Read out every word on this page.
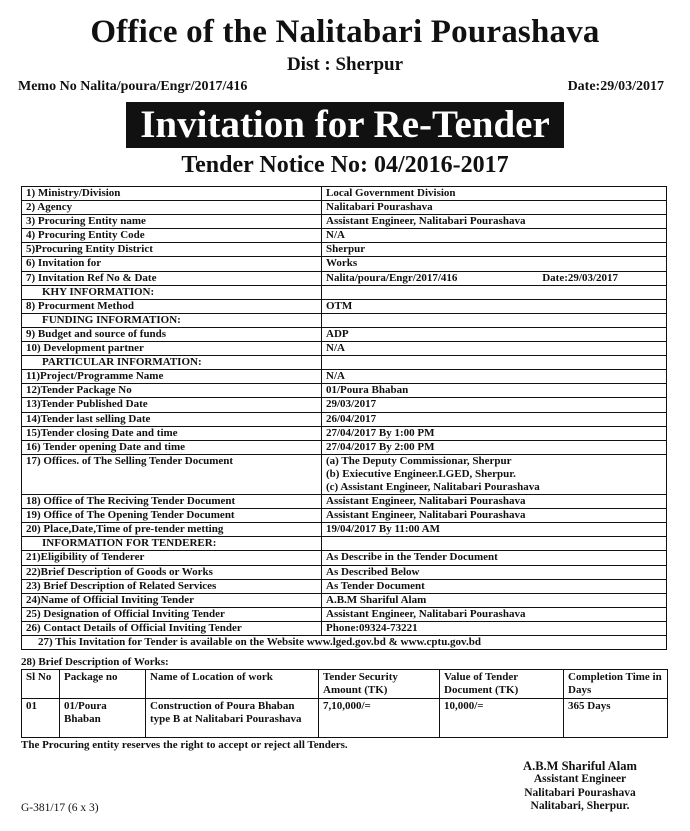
Office of the Nalitabari Pourashava
Dist : Sherpur
Memo No Nalita/poura/Engr/2017/416	Date:29/03/2017
Invitation for Re-Tender
Tender Notice No: 04/2016-2017
1) Ministry/Division	Local Government Division
2) Agency	Nalitabari Pourashava
3) Procuring Entity name	Assistant Engineer, Nalitabari Pourashava
4) Procuring Entity Code	N/A
5)Procuring Entity District	Sherpur
6) Invitation for	Works
7) Invitation Ref No & Date	Nalita/poura/Engr/2017/416 Date:29/03/2017

KHY INFORMATION:	
8) Procurment Method	OTM
FUNDING INFORMATION:	
9) Budget and source of funds	ADP
10) Development partner	N/A
PARTICULAR INFORMATION:	
11)Project/Programme Name	N/A
12)Tender Package No	01/Poura Bhaban
13)Tender Published Date	29/03/2017
14)Tender last selling Date	26/04/2017
15)Tender closing Date and time	27/04/2017 By 1:00 PM
16) Tender opening Date and time	27/04/2017 By 2:00 PM
17) Offices. of The Selling Tender Document	(a) The Deputy Commissionar, Sherpur
(b) Exiecutive Engineer.LGED, Sherpur.
(c) Assistant Engineer, Nalitabari Pourashava

18) Office of The Reciving Tender Document	Assistant Engineer, Nalitabari Pourashava
19) Office of The Opening Tender Document	Assistant Engineer, Nalitabari Pourashava
20) Place,Date,Time of pre-tender metting	19/04/2017 By 11:00 AM
INFORMATION FOR TENDERER:	
21)Eligibility of Tenderer	As Describe in the Tender Document
22)Brief Description of Goods or Works	As Described Below
23) Brief Description of Related Services	As Tender Document
24)Name of Official Inviting Tender	A.B.M Shariful Alam
25) Designation of Official Inviting Tender	Assistant Engineer, Nalitabari Pourashava
26) Contact Details of Official Inviting Tender	Phone:09324-73221
27) This Invitation for Tender is available on the Website www.lged.gov.bd & www.cptu.gov.bd	
28) Brief Description of Works:
Sl No	Package no	Name of Location of work	Tender Security Amount (TK)	Value of Tender Document (TK)	Completion Time in Days
01	01/Poura Bhaban	Construction of Poura Bhaban type B at Nalitabari Pourashava	7,10,000/=	10,000/=	365 Days
The Procuring entity reserves the right to accept or reject all Tenders.
A.B.M Shariful Alam
Assistant Engineer
Nalitabari Pourashava
Nalitabari, Sherpur.
G-381/17 (6 x 3)
